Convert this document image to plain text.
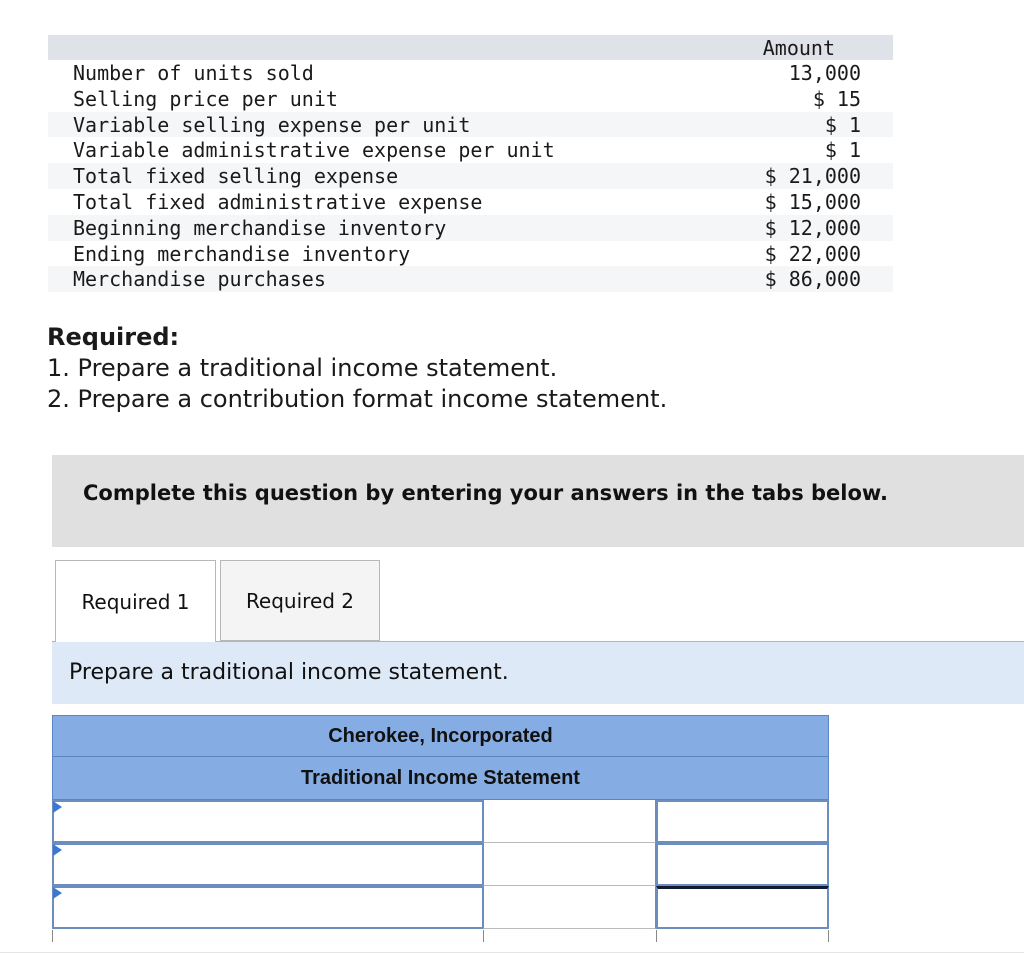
Amount
Number of units sold	13,000
Selling price per unit	$ 15
Variable selling expense per unit	$ 1
Variable administrative expense per unit	$ 1
Total fixed selling expense	$ 21,000
Total fixed administrative expense	$ 15,000
Beginning merchandise inventory	$ 12,000
Ending merchandise inventory	$ 22,000
Merchandise purchases	$ 86,000
Required:
1. Prepare a traditional income statement.
2. Prepare a contribution format income statement.
Complete this question by entering your answers in the tabs below.
Required 1	Required 2
Prepare a traditional income statement.
Cherokee, Incorporated
Traditional Income Statement
